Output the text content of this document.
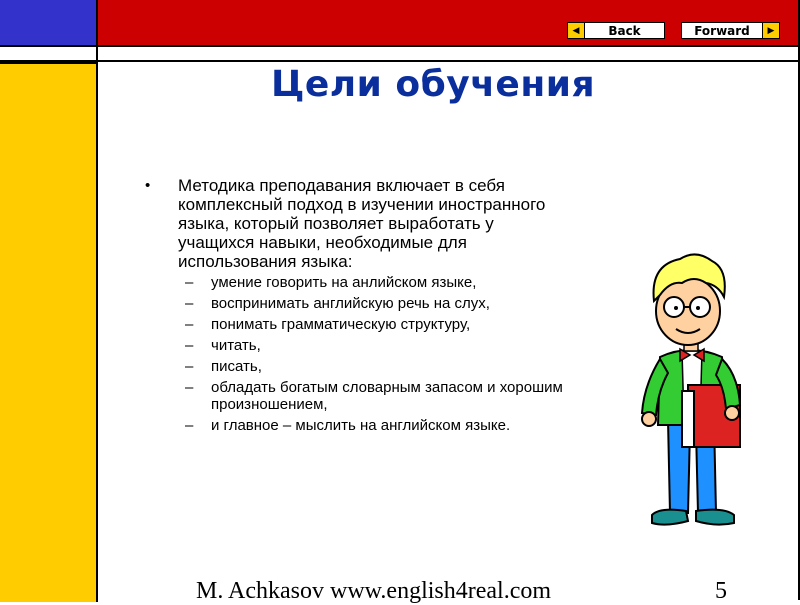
◀	Back	Forward	▶
Цели обучения
• Методика преподавания включает в себя комплексный подход в изучении иностранного языка, который позволяет выработать у учащихся навыки, необходимые для использования языка:
– умение говорить на анлийском языке,
– воспринимать английскую речь на слух,
– понимать грамматическую структуру,
– читать,
– писать,
– обладать богатым словарным запасом и хорошим произношением,
– и главное – мыслить на английском языке.
M. Achkasov www.english4real.com	5
